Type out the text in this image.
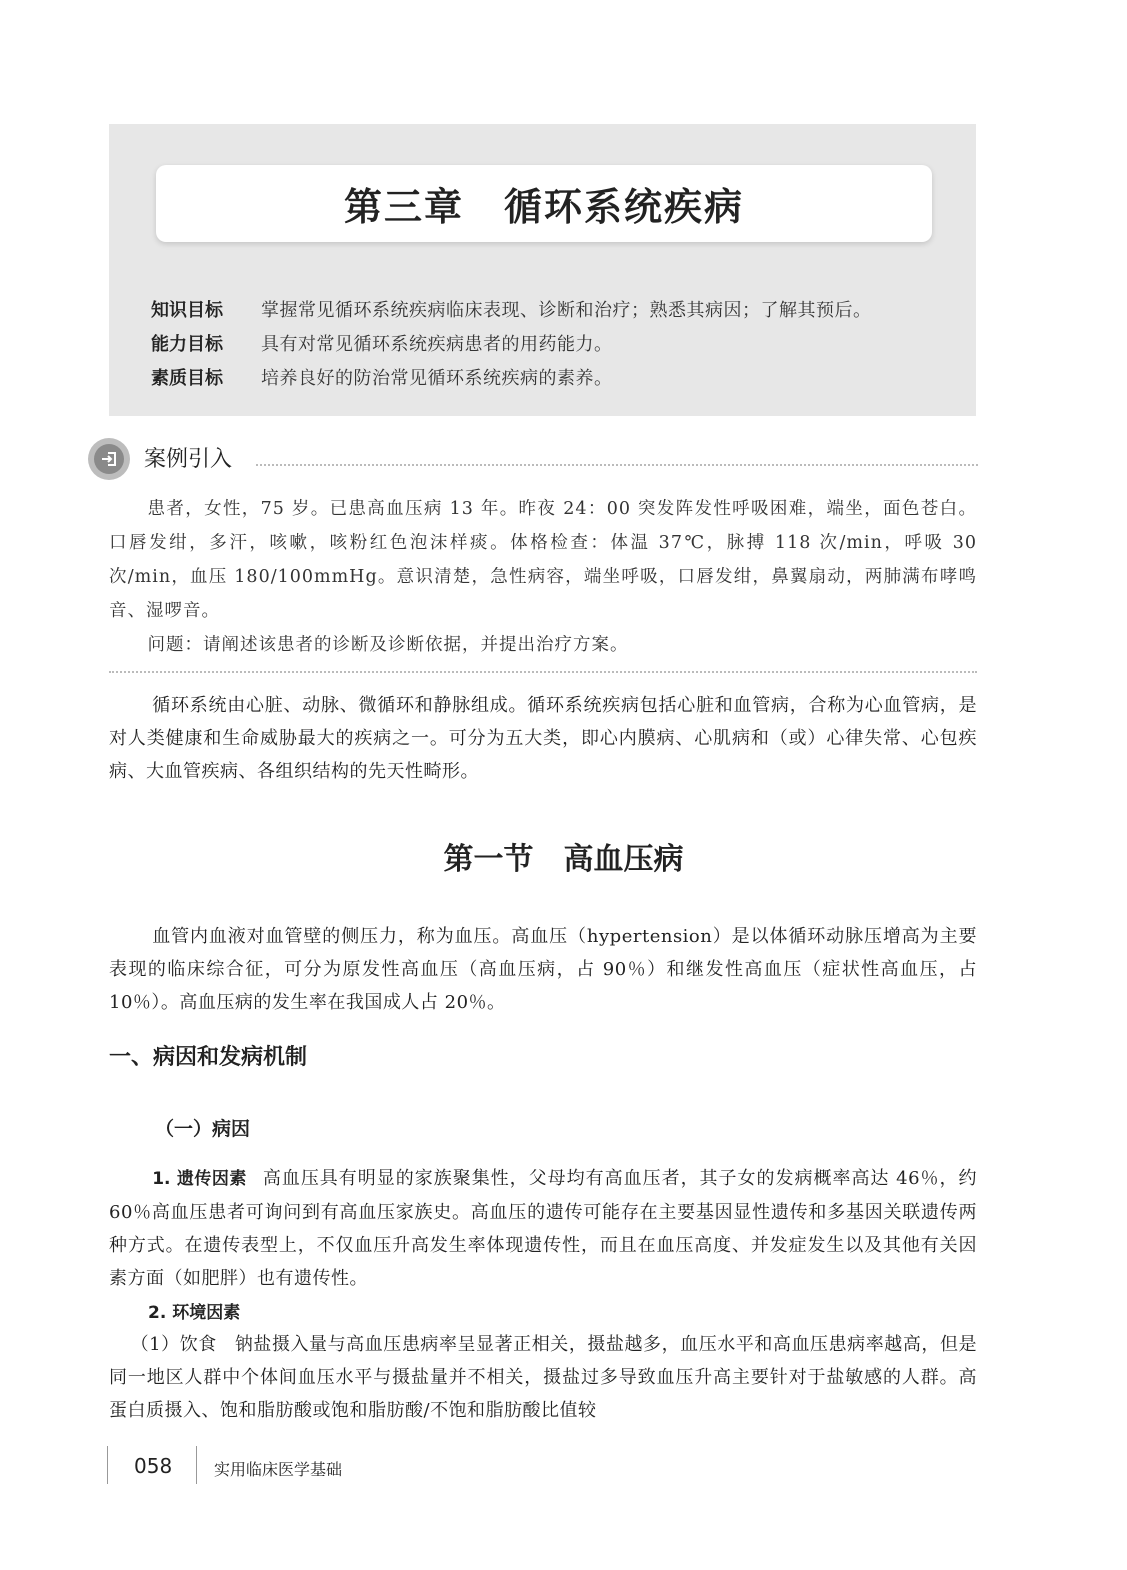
第三章　循环系统疾病
知识目标	掌握常见循环系统疾病临床表现、诊断和治疗；熟悉其病因；了解其预后。
能力目标	具有对常见循环系统疾病患者的用药能力。
素质目标	培养良好的防治常见循环系统疾病的素养。
案例引入

患者，女性，75 岁。已患高血压病 13 年。昨夜 24：00 突发阵发性呼吸困难，端坐，面色苍白。口唇发绀，多汗，咳嗽，咳粉红色泡沫样痰。体格检查：体温 37℃，脉搏 118 次/min，呼吸 30 次/min，血压 180/100mmHg。意识清楚，急性病容，端坐呼吸，口唇发绀，鼻翼扇动，两肺满布哮鸣音、湿啰音。

问题：请阐述该患者的诊断及诊断依据，并提出治疗方案。

循环系统由心脏、动脉、微循环和静脉组成。循环系统疾病包括心脏和血管病，合称为心血管病，是对人类健康和生命威胁最大的疾病之一。可分为五大类，即心内膜病、心肌病和（或）心律失常、心包疾病、大血管疾病、各组织结构的先天性畸形。

第一节　高血压病

血管内血液对血管壁的侧压力，称为血压。高血压（hypertension）是以体循环动脉压增高为主要表现的临床综合征，可分为原发性高血压（高血压病，占 90％）和继发性高血压（症状性高血压，占 10％）。高血压病的发生率在我国成人占 20％。

一、病因和发病机制
（一）病因

1. 遗传因素 高血压具有明显的家族聚集性，父母均有高血压者，其子女的发病概率高达 46％，约 60％高血压患者可询问到有高血压家族史。高血压的遗传可能存在主要基因显性遗传和多基因关联遗传两种方式。在遗传表型上，不仅血压升高发生率体现遗传性，而且在血压高度、并发症发生以及其他有关因素方面（如肥胖）也有遗传性。

2. 环境因素

（1）饮食 钠盐摄入量与高血压患病率呈显著正相关，摄盐越多，血压水平和高血压患病率越高，但是同一地区人群中个体间血压水平与摄盐量并不相关，摄盐过多导致血压升高主要针对于盐敏感的人群。高蛋白质摄入、饱和脂肪酸或饱和脂肪酸/不饱和脂肪酸比值较

058	实用临床医学基础
